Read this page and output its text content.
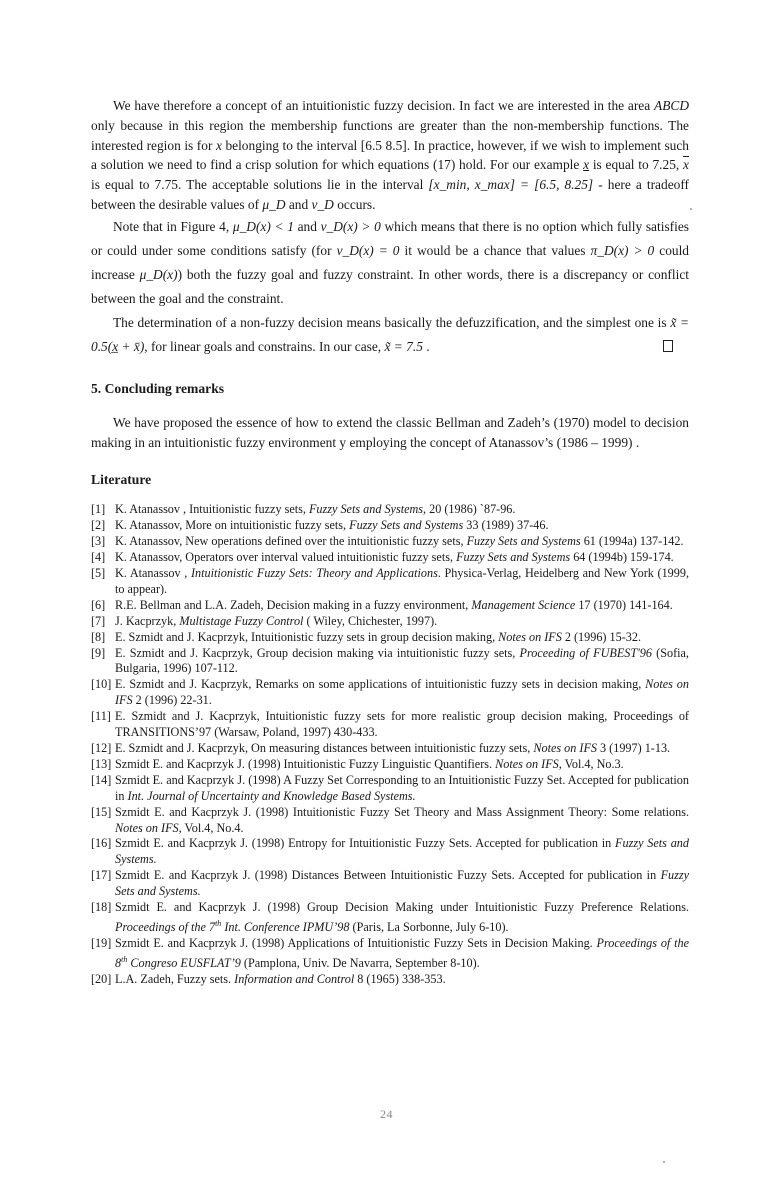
We have therefore a concept of an intuitionistic fuzzy decision. In fact we are interested in the area ABCD only because in this region the membership functions are greater than the non-membership functions. The interested region is for x belonging to the interval [6.5 8.5]. In practice, however, if we wish to implement such a solution we need to find a crisp solution for which equations (17) hold. For our example x is equal to 7.25, $\overline{x}$ is equal to 7.75. The acceptable solutions lie in the interval [x_min, x_max] = [6.5, 8.25] - here a tradeoff between the desirable values of μ_D and ν_D occurs.

Note that in Figure 4, μ_D(x) < 1 and ν_D(x) > 0 which means that there is no option which fully satisfies or could under some conditions satisfy (for ν_D(x) = 0 it would be a chance that values π_D(x) > 0 could increase μ_D(x)) both the fuzzy goal and fuzzy constraint. In other words, there is a discrepancy or conflict between the goal and the constraint.

The determination of a non-fuzzy decision means basically the defuzzification, and the simplest one is x̃ = 0.5(x̲ + x̄), for linear goals and constrains. In our case, x̃ = 7.5 .

5. Concluding remarks

We have proposed the essence of how to extend the classic Bellman and Zadeh’s (1970) model to decision making in an intuitionistic fuzzy environment y employing the concept of Atanassov’s (1986 – 1999) .

Literature
[1] K. Atanassov , Intuitionistic fuzzy sets, Fuzzy Sets and Systems, 20 (1986) `87-96.
[2] K. Atanassov, More on intuitionistic fuzzy sets, Fuzzy Sets and Systems 33 (1989) 37-46.
[3] K. Atanassov, New operations defined over the intuitionistic fuzzy sets, Fuzzy Sets and Systems 61 (1994a) 137-142.
[4] K. Atanassov, Operators over interval valued intuitionistic fuzzy sets, Fuzzy Sets and Systems 64 (1994b) 159-174.
[5] K. Atanassov , Intuitionistic Fuzzy Sets: Theory and Applications. Physica-Verlag, Heidelberg and New York (1999, to appear).
[6] R.E. Bellman and L.A. Zadeh, Decision making in a fuzzy environment, Management Science 17 (1970) 141-164.
[7] J. Kacprzyk, Multistage Fuzzy Control ( Wiley, Chichester, 1997).
[8] E. Szmidt and J. Kacprzyk, Intuitionistic fuzzy sets in group decision making, Notes on IFS 2 (1996) 15-32.
[9] E. Szmidt and J. Kacprzyk, Group decision making via intuitionistic fuzzy sets, Proceeding of FUBEST'96 (Sofia, Bulgaria, 1996) 107-112.
[10] E. Szmidt and J. Kacprzyk, Remarks on some applications of intuitionistic fuzzy sets in decision making, Notes on IFS 2 (1996) 22-31.
[11] E. Szmidt and J. Kacprzyk, Intuitionistic fuzzy sets for more realistic group decision making, Proceedings of TRANSITIONS’97 (Warsaw, Poland, 1997) 430-433.
[12] E. Szmidt and J. Kacprzyk, On measuring distances between intuitionistic fuzzy sets, Notes on IFS 3 (1997) 1-13.
[13] Szmidt E. and Kacprzyk J. (1998) Intuitionistic Fuzzy Linguistic Quantifiers. Notes on IFS, Vol.4, No.3.
[14] Szmidt E. and Kacprzyk J. (1998) A Fuzzy Set Corresponding to an Intuitionistic Fuzzy Set. Accepted for publication in Int. Journal of Uncertainty and Knowledge Based Systems.
[15] Szmidt E. and Kacprzyk J. (1998) Intuitionistic Fuzzy Set Theory and Mass Assignment Theory: Some relations. Notes on IFS, Vol.4, No.4.
[16] Szmidt E. and Kacprzyk J. (1998) Entropy for Intuitionistic Fuzzy Sets. Accepted for publication in Fuzzy Sets and Systems.
[17] Szmidt E. and Kacprzyk J. (1998) Distances Between Intuitionistic Fuzzy Sets. Accepted for publication in Fuzzy Sets and Systems.
[18] Szmidt E. and Kacprzyk J. (1998) Group Decision Making under Intuitionistic Fuzzy Preference Relations. Proceedings of the 7th Int. Conference IPMU’98 (Paris, La Sorbonne, July 6-10).
[19] Szmidt E. and Kacprzyk J. (1998) Applications of Intuitionistic Fuzzy Sets in Decision Making. Proceedings of the 8th Congreso EUSFLAT’9 (Pamplona, Univ. De Navarra, September 8-10).
[20] L.A. Zadeh, Fuzzy sets. Information and Control 8 (1965) 338-353.
24
